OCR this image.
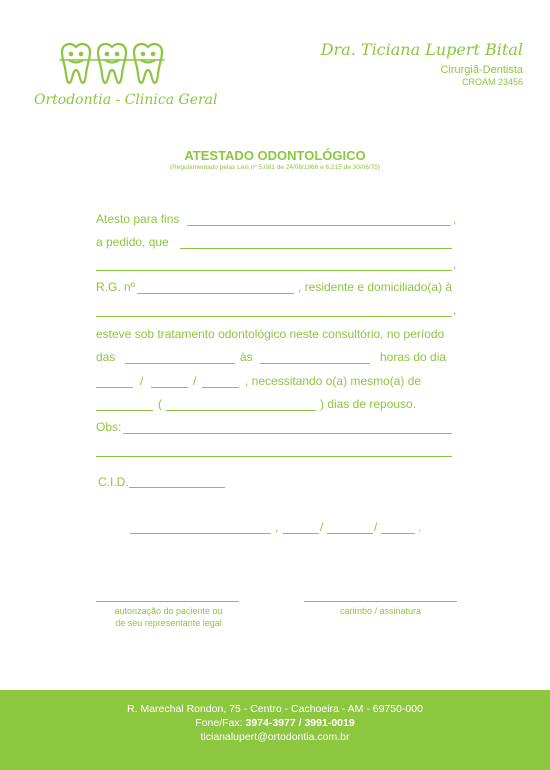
Ortodontia - Clinica Geral
Dra. Ticiana Lupert Bital
Cirurgiã-Dentista
CROAM 23456
ATESTADO ODONTOLÓGICO
(Regulamentado pelas Leis nº 5.081 de 24/08/1966 e 6.215 de 30/06/75)
Atesto para fins	,
a pedido, que
,
R.G. nº	, residente e domiciliado(a) à
,
esteve sob tratamento odontológico neste consultório, no período
das	às	horas do dia
/	/	, necessitando o(a) mesmo(a) de
(	) dias de repouso.
Obs:
C.I.D.
,	/	/	.
autorização do paciente ou
de seu representante legal
carimbo / assinatura
R. Marechal Rondon, 75 - Centro - Cachoeira - AM - 69750-000
Fone/Fax: 3974-3977 / 3991-0019
ticianalupert@ortodontia.com.br
